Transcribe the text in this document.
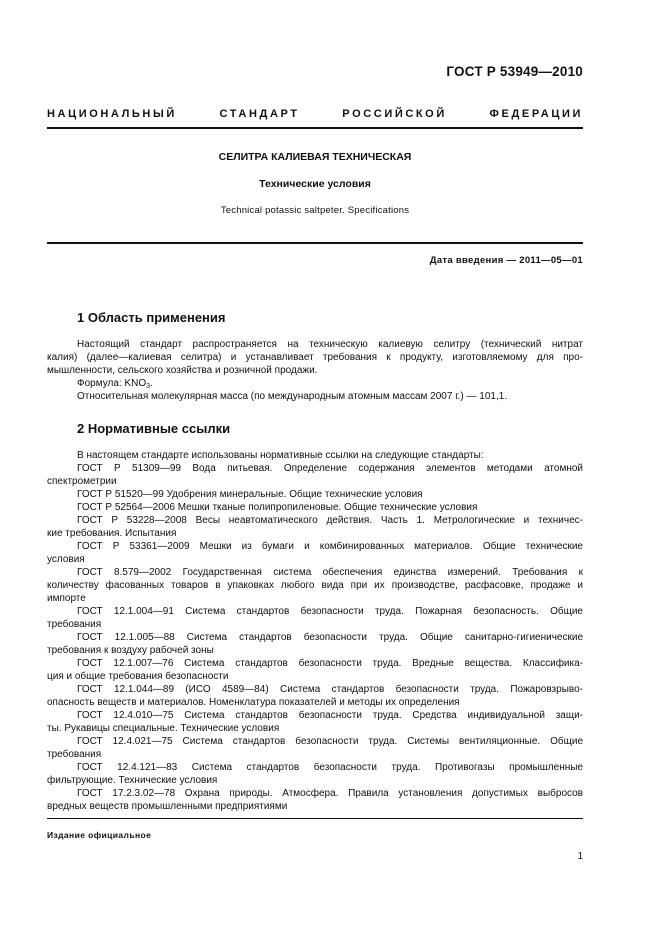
ГОСТ Р 53949—2010
НАЦИОНАЛЬНЫЙ СТАНДАРТ РОССИЙСКОЙ ФЕДЕРАЦИИ
СЕЛИТРА КАЛИЕВАЯ ТЕХНИЧЕСКАЯ
Технические условия
Technical potassic saltpeter. Specifications
Дата введения — 2011—05—01
1 Область применения
Настоящий стандарт распространяется на техническую калиевую селитру (технический нитрат
калия) (далее—калиевая селитра) и устанавливает требования к продукту, изготовляемому для про-
мышленности, сельского хозяйства и розничной продажи.
Формула: $KNO_3$.
Относительная молекулярная масса (по международным атомным массам 2007 г.) — 101,1.
2 Нормативные ссылки
В настоящем стандарте использованы нормативные ссылки на следующие стандарты:
ГОСТ Р 51309—99 Вода питьевая. Определение содержания элементов методами атомной
спектрометрии
ГОСТ Р 51520—99 Удобрения минеральные. Общие технические условия
ГОСТ Р 52564—2006 Мешки тканые полипропиленовые. Общие технические условия
ГОСТ Р 53228—2008 Весы неавтоматического действия. Часть 1. Метрологические и техничес-
кие требования. Испытания
ГОСТ Р 53361—2009 Мешки из бумаги и комбинированных материалов. Общие технические
условия
ГОСТ 8.579—2002 Государственная система обеспечения единства измерений. Требования к
количеству фасованных товаров в упаковках любого вида при их производстве, расфасовке, продаже и
импорте
ГОСТ 12.1.004—91 Система стандартов безопасности труда. Пожарная безопасность. Общие
требования
ГОСТ 12.1.005—88 Система стандартов безопасности труда. Общие санитарно-гигиенические
требования к воздуху рабочей зоны
ГОСТ 12.1.007—76 Система стандартов безопасности труда. Вредные вещества. Классифика-
ция и общие требования безопасности
ГОСТ 12.1.044—89 (ИСО 4589—84) Система стандартов безопасности труда. Пожаровзрыво-
опасность веществ и материалов. Номенклатура показателей и методы их определения
ГОСТ 12.4.010—75 Система стандартов безопасности труда. Средства индивидуальной защи-
ты. Рукавицы специальные. Технические условия
ГОСТ 12.4.021—75 Система стандартов безопасности труда. Системы вентиляционные. Общие
требования
ГОСТ 12.4.121—83 Система стандартов безопасности труда. Противогазы промышленные
фильтрующие. Технические условия
ГОСТ 17.2.3.02—78 Охрана природы. Атмосфера. Правила установления допустимых выбросов
вредных веществ промышленными предприятиями
Издание официальное
1
